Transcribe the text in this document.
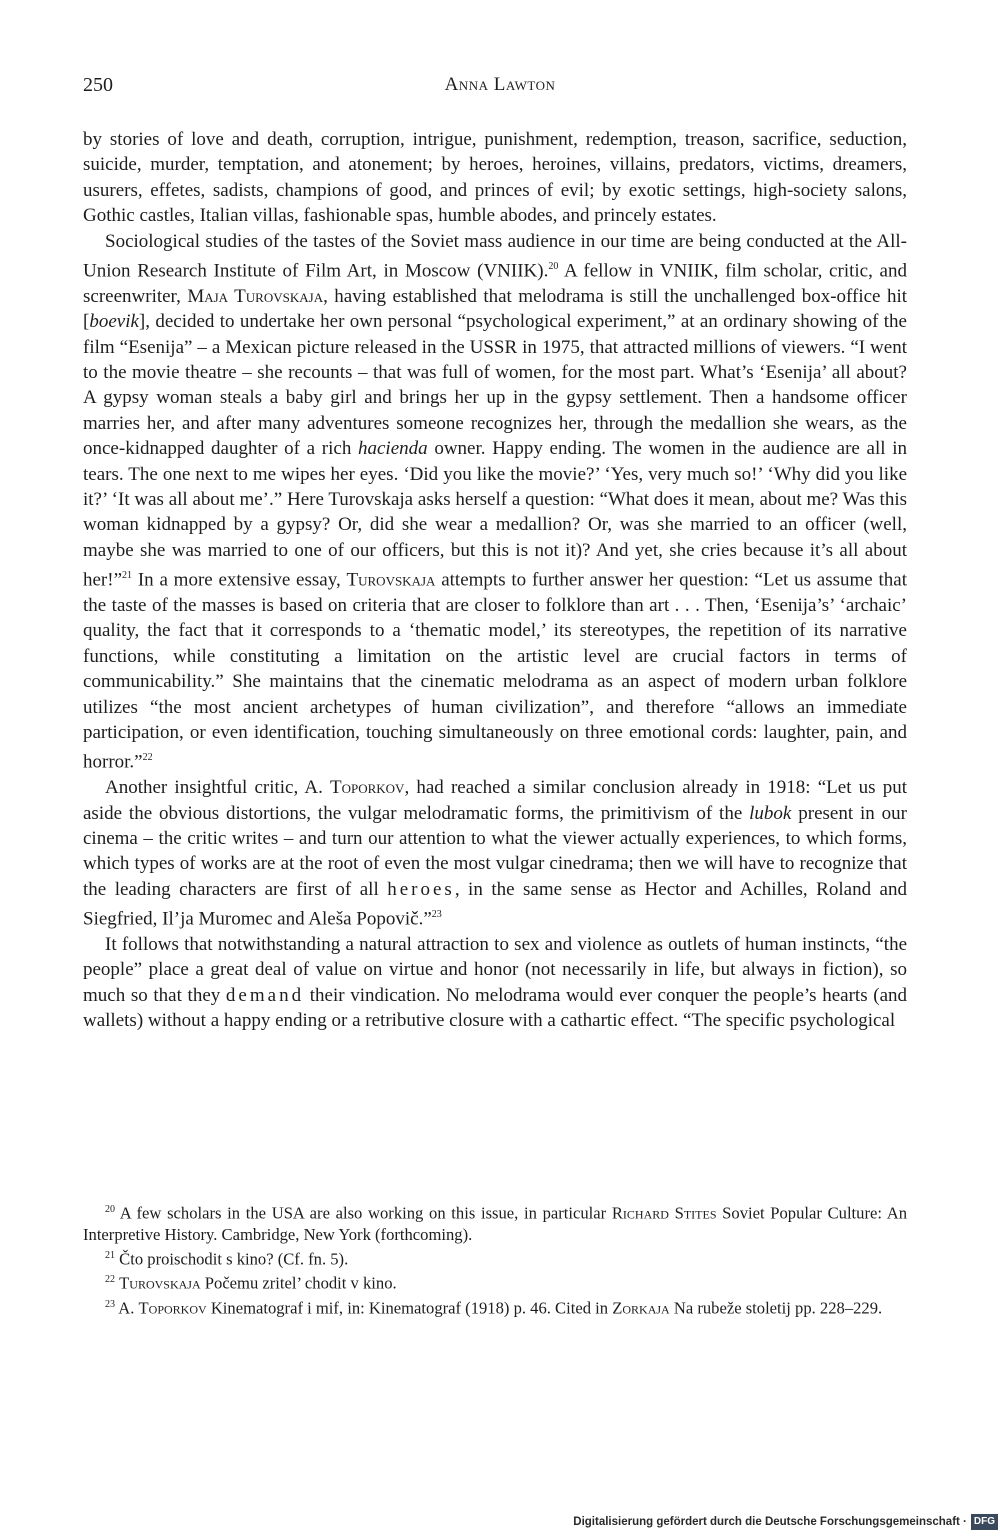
250	Anna Lawton

by stories of love and death, corruption, intrigue, punishment, redemption, treason, sacrifice, seduction, suicide, murder, temptation, and atonement; by heroes, heroines, villains, predators, victims, dreamers, usurers, effetes, sadists, champions of good, and princes of evil; by exotic settings, high-society salons, Gothic castles, Italian villas, fashionable spas, humble abodes, and princely estates.

Sociological studies of the tastes of the Soviet mass audience in our time are being conducted at the All-Union Research Institute of Film Art, in Moscow (VNIIK).$^{20}$ A fellow in VNIIK, film scholar, critic, and screenwriter, Maja Turovskaja, having established that melodrama is still the unchallenged box-office hit [boevik], decided to undertake her own personal “psychological experiment,” at an ordinary showing of the film “Esenija” – a Mexican picture released in the USSR in 1975, that attracted millions of viewers. “I went to the movie theatre – she recounts – that was full of women, for the most part. What’s ‘Esenija’ all about? A gypsy woman steals a baby girl and brings her up in the gypsy settlement. Then a handsome officer marries her, and after many adventures someone recognizes her, through the medallion she wears, as the once-kidnapped daughter of a rich hacienda owner. Happy ending. The women in the audience are all in tears. The one next to me wipes her eyes. ‘Did you like the movie?’ ‘Yes, very much so!’ ‘Why did you like it?’ ‘It was all about me’.” Here Turovskaja asks herself a question: “What does it mean, about me? Was this woman kidnapped by a gypsy? Or, did she wear a medallion? Or, was she married to an officer (well, maybe she was married to one of our officers, but this is not it)? And yet, she cries because it’s all about her!”$^{21}$ In a more extensive essay, Turovskaja attempts to further answer her question: “Let us assume that the taste of the masses is based on criteria that are closer to folklore than art . . . Then, ‘Esenija’s’ ‘archaic’ quality, the fact that it corresponds to a ‘thematic model,’ its stereotypes, the repetition of its narrative functions, while constituting a limitation on the artistic level are crucial factors in terms of communicability.” She maintains that the cinematic melodrama as an aspect of modern urban folklore utilizes “the most ancient archetypes of human civilization”, and therefore “allows an immediate participation, or even identification, touching simultaneously on three emotional cords: laughter, pain, and horror.”$^{22}$

Another insightful critic, A. Toporkov, had reached a similar conclusion already in 1918: “Let us put aside the obvious distortions, the vulgar melodramatic forms, the primitivism of the lubok present in our cinema – the critic writes – and turn our attention to what the viewer actually experiences, to which forms, which types of works are at the root of even the most vulgar cinedrama; then we will have to recognize that the leading characters are first of all heroes, in the same sense as Hector and Achilles, Roland and Siegfried, Il’ja Muromec and Aleša Popovič.”$^{23}$

It follows that notwithstanding a natural attraction to sex and violence as outlets of human instincts, “the people” place a great deal of value on virtue and honor (not necessarily in life, but always in fiction), so much so that they demand their vindication. No melodrama would ever conquer the people’s hearts (and wallets) without a happy ending or a retributive closure with a cathartic effect. “The specific psychological

$^{20}$ A few scholars in the USA are also working on this issue, in particular Richard Stites Soviet Popular Culture: An Interpretive History. Cambridge, New York (forthcoming).

$^{21}$ Čto proischodit s kino? (Cf. fn. 5).

$^{22}$ Turovskaja Počemu zritel’ chodit v kino.

$^{23}$ A. Toporkov Kinematograf i mif, in: Kinematograf (1918) p. 46. Cited in Zorkaja Na rubeže stoletij pp. 228–229.

Digitalisierung gefördert durch die Deutsche Forschungsgemeinschaft · DFG
